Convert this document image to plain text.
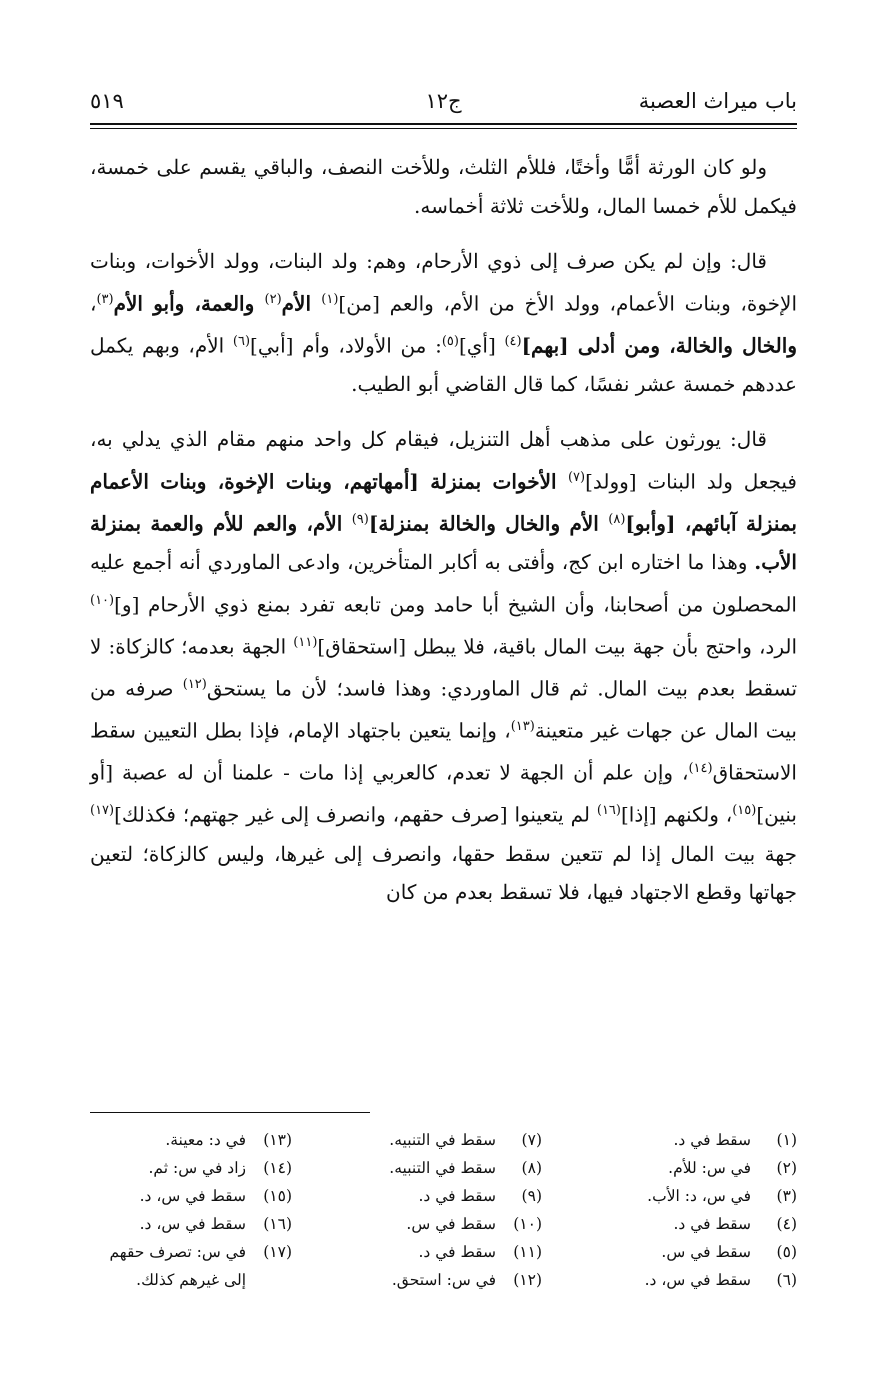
باب ميراث العصبة
ج١٢
٥١٩

ولو كان الورثة أمًّا وأختًا، فللأم الثلث، وللأخت النصف، والباقي يقسم على خمسة، فيكمل للأم خمسا المال، وللأخت ثلاثة أخماسه.

قال: وإن لم يكن صرف إلى ذوي الأرحام، وهم: ولد البنات، وولد الأخوات، وبنات الإخوة، وبنات الأعمام، وولد الأخ من الأم، والعم [من]$^{(١)}$ الأم$^{(٢)}$ والعمة، وأبو الأم$^{(٣)}$، والخال والخالة، ومن أدلى [بهم]$^{(٤)}$ [أي]$^{(٥)}$: من الأولاد، وأم [أبي]$^{(٦)}$ الأم، وبهم يكمل عددهم خمسة عشر نفسًا، كما قال القاضي أبو الطيب.

قال: يورثون على مذهب أهل التنزيل، فيقام كل واحد منهم مقام الذي يدلي به، فيجعل ولد البنات [وولد]$^{(٧)}$ الأخوات بمنزلة [أمهاتهم، وبنات الإخوة، وبنات الأعمام بمنزلة آبائهم، [وأبو]$^{(٨)}$ الأم والخال والخالة بمنزلة]$^{(٩)}$ الأم، والعم للأم والعمة بمنزلة الأب. وهذا ما اختاره ابن كج، وأفتى به أكابر المتأخرين، وادعى الماوردي أنه أجمع عليه المحصلون من أصحابنا، وأن الشيخ أبا حامد ومن تابعه تفرد بمنع ذوي الأرحام [و]$^{(١٠)}$ الرد، واحتج بأن جهة بيت المال باقية، فلا يبطل [استحقاق]$^{(١١)}$ الجهة بعدمه؛ كالزكاة: لا تسقط بعدم بيت المال. ثم قال الماوردي: وهذا فاسد؛ لأن ما يستحق$^{(١٢)}$ صرفه من بيت المال عن جهات غير متعينة$^{(١٣)}$، وإنما يتعين باجتهاد الإمام، فإذا بطل التعيين سقط الاستحقاق$^{(١٤)}$، وإن علم أن الجهة لا تعدم، كالعربي إذا مات - علمنا أن له عصبة [أو بنين]$^{(١٥)}$، ولكنهم [إذا]$^{(١٦)}$ لم يتعينوا [صرف حقهم، وانصرف إلى غير جهتهم؛ فكذلك]$^{(١٧)}$ جهة بيت المال إذا لم تتعين سقط حقها، وانصرف إلى غيرها، وليس كالزكاة؛ لتعين جهاتها وقطع الاجتهاد فيها، فلا تسقط بعدم من كان

(١)سقط في د.
(٢)في س: للأم.
(٣)في س، د: الأب.
(٤)سقط في د.
(٥)سقط في س.
(٦)سقط في س، د.
(٧)سقط في التنبيه.
(٨)سقط في التنبيه.
(٩)سقط في د.
(١٠)سقط في س.
(١١)سقط في د.
(١٢)في س: استحق.
(١٣)في د: معينة.
(١٤)زاد في س: ثم.
(١٥)سقط في س، د.
(١٦)سقط في س، د.
(١٧)في س: تصرف حقهم
إلى غيرهم كذلك.
